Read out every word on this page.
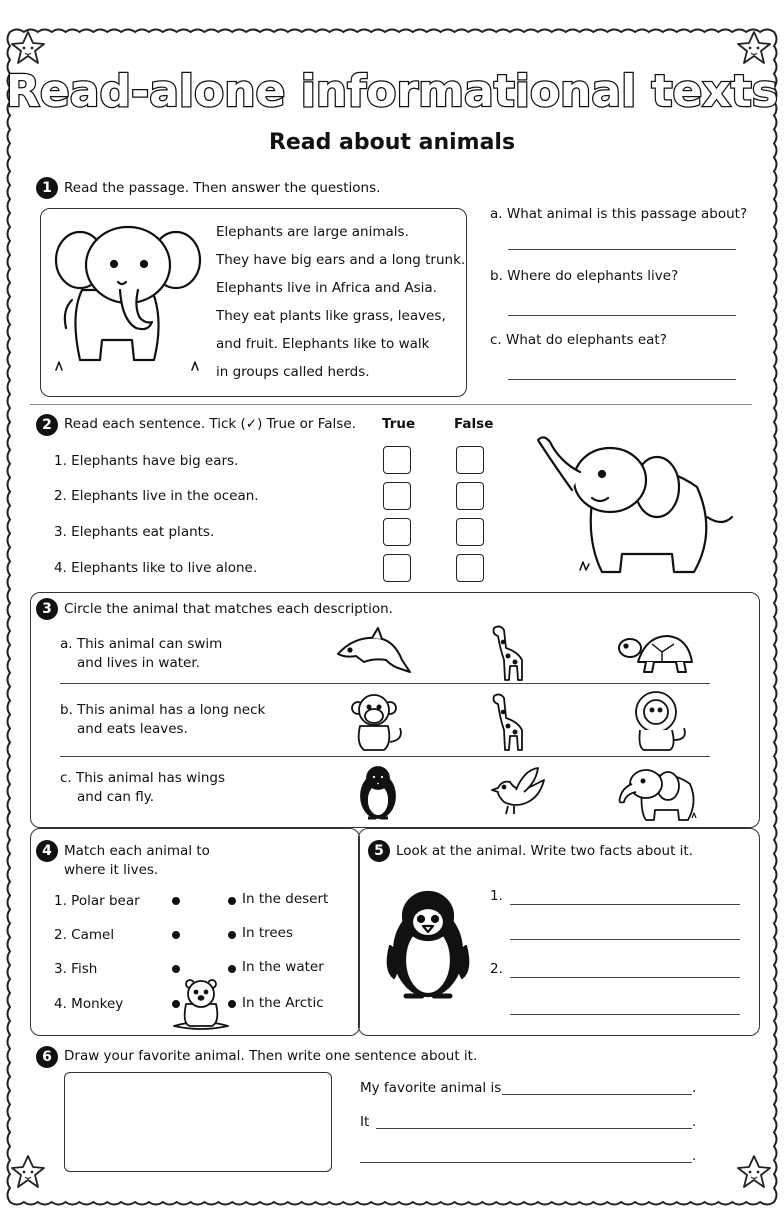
Read-alone informational texts
Read about animals
1 Read the passage. Then answer the questions.

Elephants are large animals.

They have big ears and a long trunk.

Elephants live in Africa and Asia.

They eat plants like grass, leaves,

and fruit. Elephants like to walk

in groups called herds.

a. What animal is this passage about?
b. Where do elephants live?
c. What do elephants eat?
2 Read each sentence. Tick (✓) True or False. True	False
1. Elephants have big ears.
2. Elephants live in the ocean.
3. Elephants eat plants.
4. Elephants like to live alone.
3 Circle the animal that matches each description.
a. This animal can swim
and lives in water.
b. This animal has a long neck
and eats leaves.
c. This animal has wings
and can fly.
4 Match each animal to
where it lives.
1. Polar bear
2. Camel
3. Fish
4. Monkey
In the desert
In trees
In the water
In the Arctic
5 Look at the animal. Write two facts about it.
1.
2.
6 Draw your favorite animal. Then write one sentence about it.
My favorite animal is	.
It	.
.
